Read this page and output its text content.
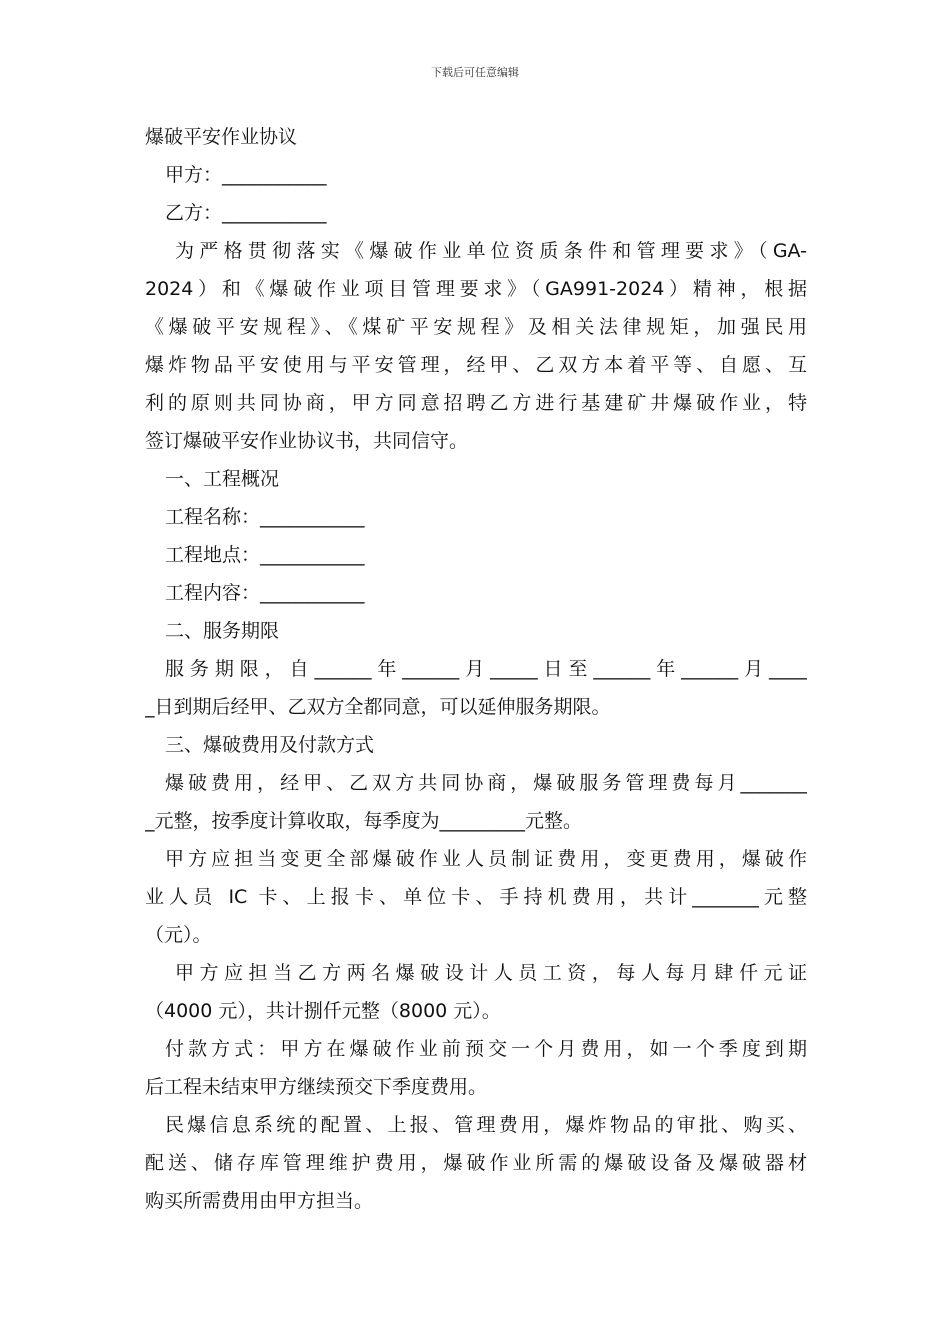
下载后可任意编辑
爆破平安作业协议
甲方：___________
乙方：___________
为严格贯彻落实《爆破作业单位资质条件和管理要求》（GA-
2024）和《爆破作业项目管理要求》（GA991-2024）精神，根据
《爆破平安规程》、《煤矿平安规程》及相关法律规矩，加强民用
爆炸物品平安使用与平安管理，经甲、乙双方本着平等、自愿、互
利的原则共同协商，甲方同意招聘乙方进行基建矿井爆破作业，特
签订爆破平安作业协议书，共同信守。
一、工程概况
工程名称：___________
工程地点：___________
工程内容：___________
二、服务期限
服务期限，自______年______月_____日至______年______月____
_日到期后经甲、乙双方全都同意，可以延伸服务期限。
三、爆破费用及付款方式
爆破费用，经甲、乙双方共同协商，爆破服务管理费每月_______
_元整，按季度计算收取，每季度为_________元整。
甲方应担当变更全部爆破作业人员制证费用，变更费用，爆破作
业人员 IC 卡、上报卡、单位卡、手持机费用，共计_______元整
（元）。
甲方应担当乙方两名爆破设计人员工资，每人每月肆仟元证
（4000 元），共计捌仟元整（8000 元）。
付款方式：甲方在爆破作业前预交一个月费用，如一个季度到期
后工程未结束甲方继续预交下季度费用。
民爆信息系统的配置、上报、管理费用，爆炸物品的审批、购买、
配送、储存库管理维护费用，爆破作业所需的爆破设备及爆破器材
购买所需费用由甲方担当。
